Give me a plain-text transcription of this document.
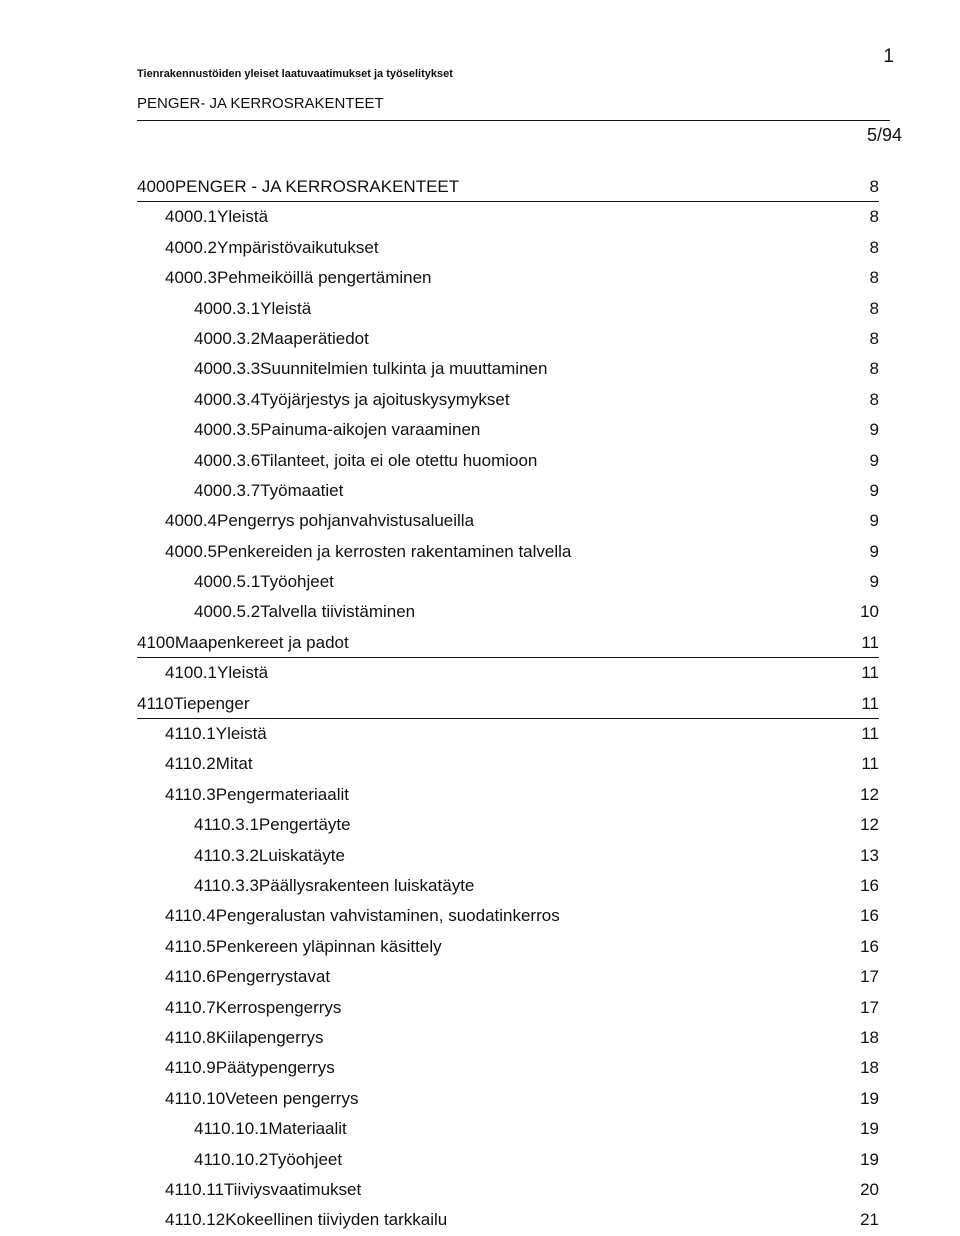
1
Tienrakennustöiden yleiset laatuvaatimukset ja työselitykset
PENGER- JA KERROSRAKENTEET
5/94
4000PENGER - JA KERROSRAKENTEET	8
4000.1Yleistä	8
4000.2Ympäristövaikutukset	8
4000.3Pehmeiköillä pengertäminen	8
4000.3.1Yleistä	8
4000.3.2Maaperätiedot	8
4000.3.3Suunnitelmien tulkinta ja muuttaminen	8
4000.3.4Työjärjestys ja ajoituskysymykset	8
4000.3.5Painuma-aikojen varaaminen	9
4000.3.6Tilanteet, joita ei ole otettu huomioon	9
4000.3.7Työmaatiet	9
4000.4Pengerrys pohjanvahvistusalueilla	9
4000.5Penkereiden ja kerrosten rakentaminen talvella	9
4000.5.1Työohjeet	9
4000.5.2Talvella tiivistäminen	10
4100Maapenkereet ja padot	11
4100.1Yleistä	11
4110Tiepenger	11
4110.1Yleistä	11
4110.2Mitat	11
4110.3Pengermateriaalit	12
4110.3.1Pengertäyte	12
4110.3.2Luiskatäyte	13
4110.3.3Päällysrakenteen luiskatäyte	16
4110.4Pengeralustan vahvistaminen, suodatinkerros	16
4110.5Penkereen yläpinnan käsittely	16
4110.6Pengerrystavat	17
4110.7Kerrospengerrys	17
4110.8Kiilapengerrys	18
4110.9Päätypengerrys	18
4110.10Veteen pengerrys	19
4110.10.1Materiaalit	19
4110.10.2Työohjeet	19
4110.11Tiiviysvaatimukset	20
4110.12Kokeellinen tiiviyden tarkkailu	21
